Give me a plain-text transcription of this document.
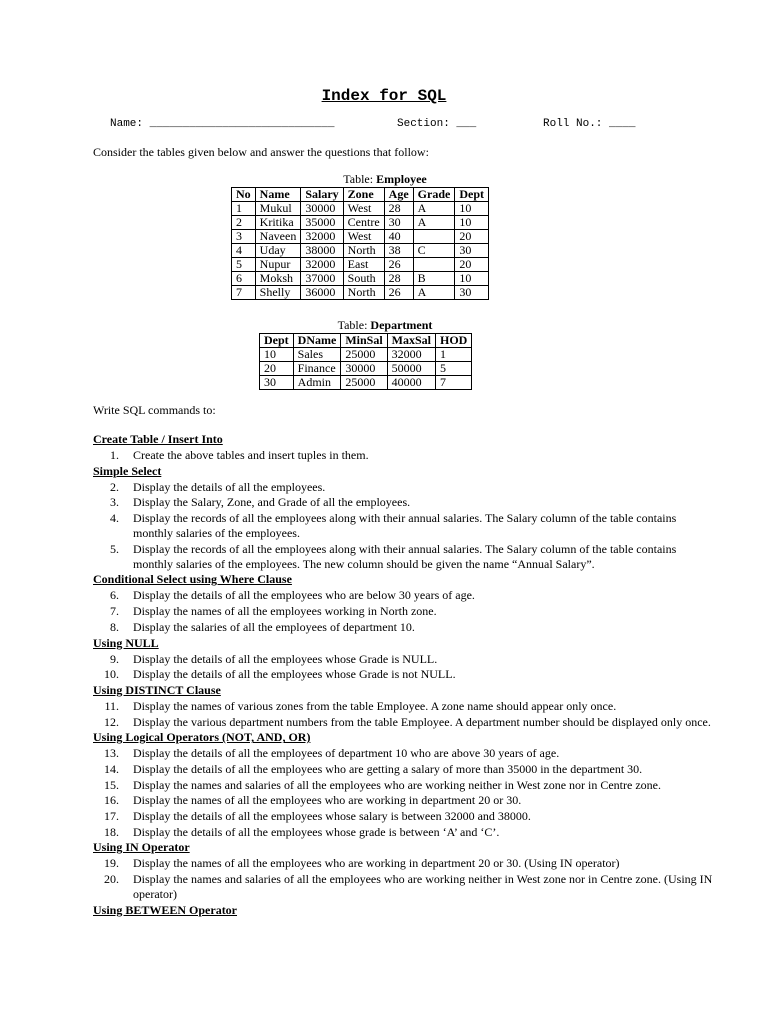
Index for SQL
Name: ____________________________	Section: ___	Roll No.: ____
Consider the tables given below and answer the questions that follow:
Table: Employee
No	Name	Salary	Zone	Age	Grade	Dept
1	Mukul	30000	West	28	A	10
2	Kritika	35000	Centre	30	A	10
3	Naveen	32000	West	40		20
4	Uday	38000	North	38	C	30
5	Nupur	32000	East	26		20
6	Moksh	37000	South	28	B	10
7	Shelly	36000	North	26	A	30
Table: Department
Dept	DName	MinSal	MaxSal	HOD
10	Sales	25000	32000	1
20	Finance	30000	50000	5
30	Admin	25000	40000	7
Write SQL commands to:
Create Table / Insert Into
1. Create the above tables and insert tuples in them.
Simple Select
2. Display the details of all the employees.
3. Display the Salary, Zone, and Grade of all the employees.
4. Display the records of all the employees along with their annual salaries. The Salary column of the table contains monthly salaries of the employees.
5. Display the records of all the employees along with their annual salaries. The Salary column of the table contains monthly salaries of the employees. The new column should be given the name “Annual Salary”.
Conditional Select using Where Clause
6. Display the details of all the employees who are below 30 years of age.
7. Display the names of all the employees working in North zone.
8. Display the salaries of all the employees of department 10.
Using NULL
9. Display the details of all the employees whose Grade is NULL.
10. Display the details of all the employees whose Grade is not NULL.
Using DISTINCT Clause
11. Display the names of various zones from the table Employee. A zone name should appear only once.
12. Display the various department numbers from the table Employee. A department number should be displayed only once.
Using Logical Operators (NOT, AND, OR)
13. Display the details of all the employees of department 10 who are above 30 years of age.
14. Display the details of all the employees who are getting a salary of more than 35000 in the department 30.
15. Display the names and salaries of all the employees who are working neither in West zone nor in Centre zone.
16. Display the names of all the employees who are working in department 20 or 30.
17. Display the details of all the employees whose salary is between 32000 and 38000.
18. Display the details of all the employees whose grade is between ‘A’ and ‘C’.
Using IN Operator
19. Display the names of all the employees who are working in department 20 or 30. (Using IN operator)
20. Display the names and salaries of all the employees who are working neither in West zone nor in Centre zone. (Using IN operator)
Using BETWEEN Operator
